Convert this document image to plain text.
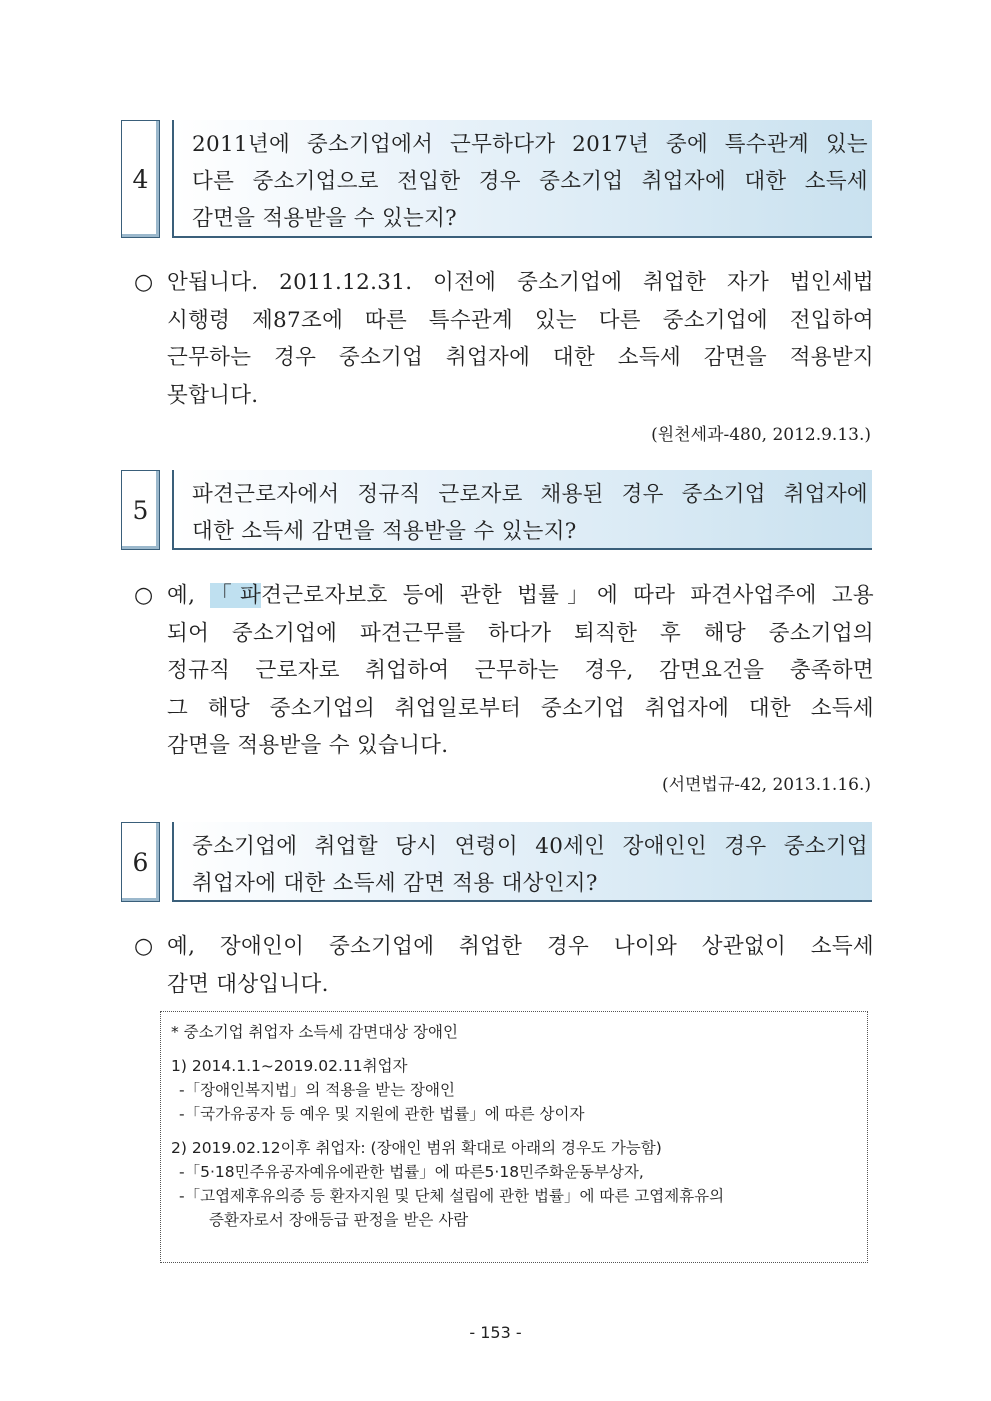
4
2011년에 중소기업에서 근무하다가 2017년 중에 특수관계 있는
다른 중소기업으로 전입한 경우 중소기업 취업자에 대한 소득세
감면을 적용받을 수 있는지?
○ 안됩니다. 2011.12.31. 이전에 중소기업에 취업한 자가 법인세법
시행령 제87조에 따른 특수관계 있는 다른 중소기업에 전입하여
근무하는 경우 중소기업 취업자에 대한 소득세 감면을 적용받지
못합니다.
(원천세과-480, 2012.9.13.)
5
파견근로자에서 정규직 근로자로 채용된 경우 중소기업 취업자에
대한 소득세 감면을 적용받을 수 있는지?
○ 예, 「파견근로자보호 등에 관한 법률」에 따라 파견사업주에 고용
되어 중소기업에 파견근무를 하다가 퇴직한 후 해당 중소기업의
정규직 근로자로 취업하여 근무하는 경우, 감면요건을 충족하면
그 해당 중소기업의 취업일로부터 중소기업 취업자에 대한 소득세
감면을 적용받을 수 있습니다.
(서면법규-42, 2013.1.16.)
6
중소기업에 취업할 당시 연령이 40세인 장애인인 경우 중소기업
취업자에 대한 소득세 감면 적용 대상인지?
○ 예, 장애인이 중소기업에 취업한 경우 나이와 상관없이 소득세
감면 대상입니다.
* 중소기업 취업자 소득세 감면대상 장애인
1) 2014.1.1~2019.02.11취업자
-「장애인복지법」의 적용을 받는 장애인
-「국가유공자 등 예우 및 지원에 관한 법률」에 따른 상이자
2) 2019.02.12이후 취업자: (장애인 범위 확대로 아래의 경우도 가능함)
-「5‧18민주유공자예유에관한 법률」에 따른5‧18민주화운동부상자,
-「고엽제후유의증 등 환자지원 및 단체 설립에 관한 법률」에 따른 고엽제휴유의
증환자로서 장애등급 판정을 받은 사람
- 153 -
